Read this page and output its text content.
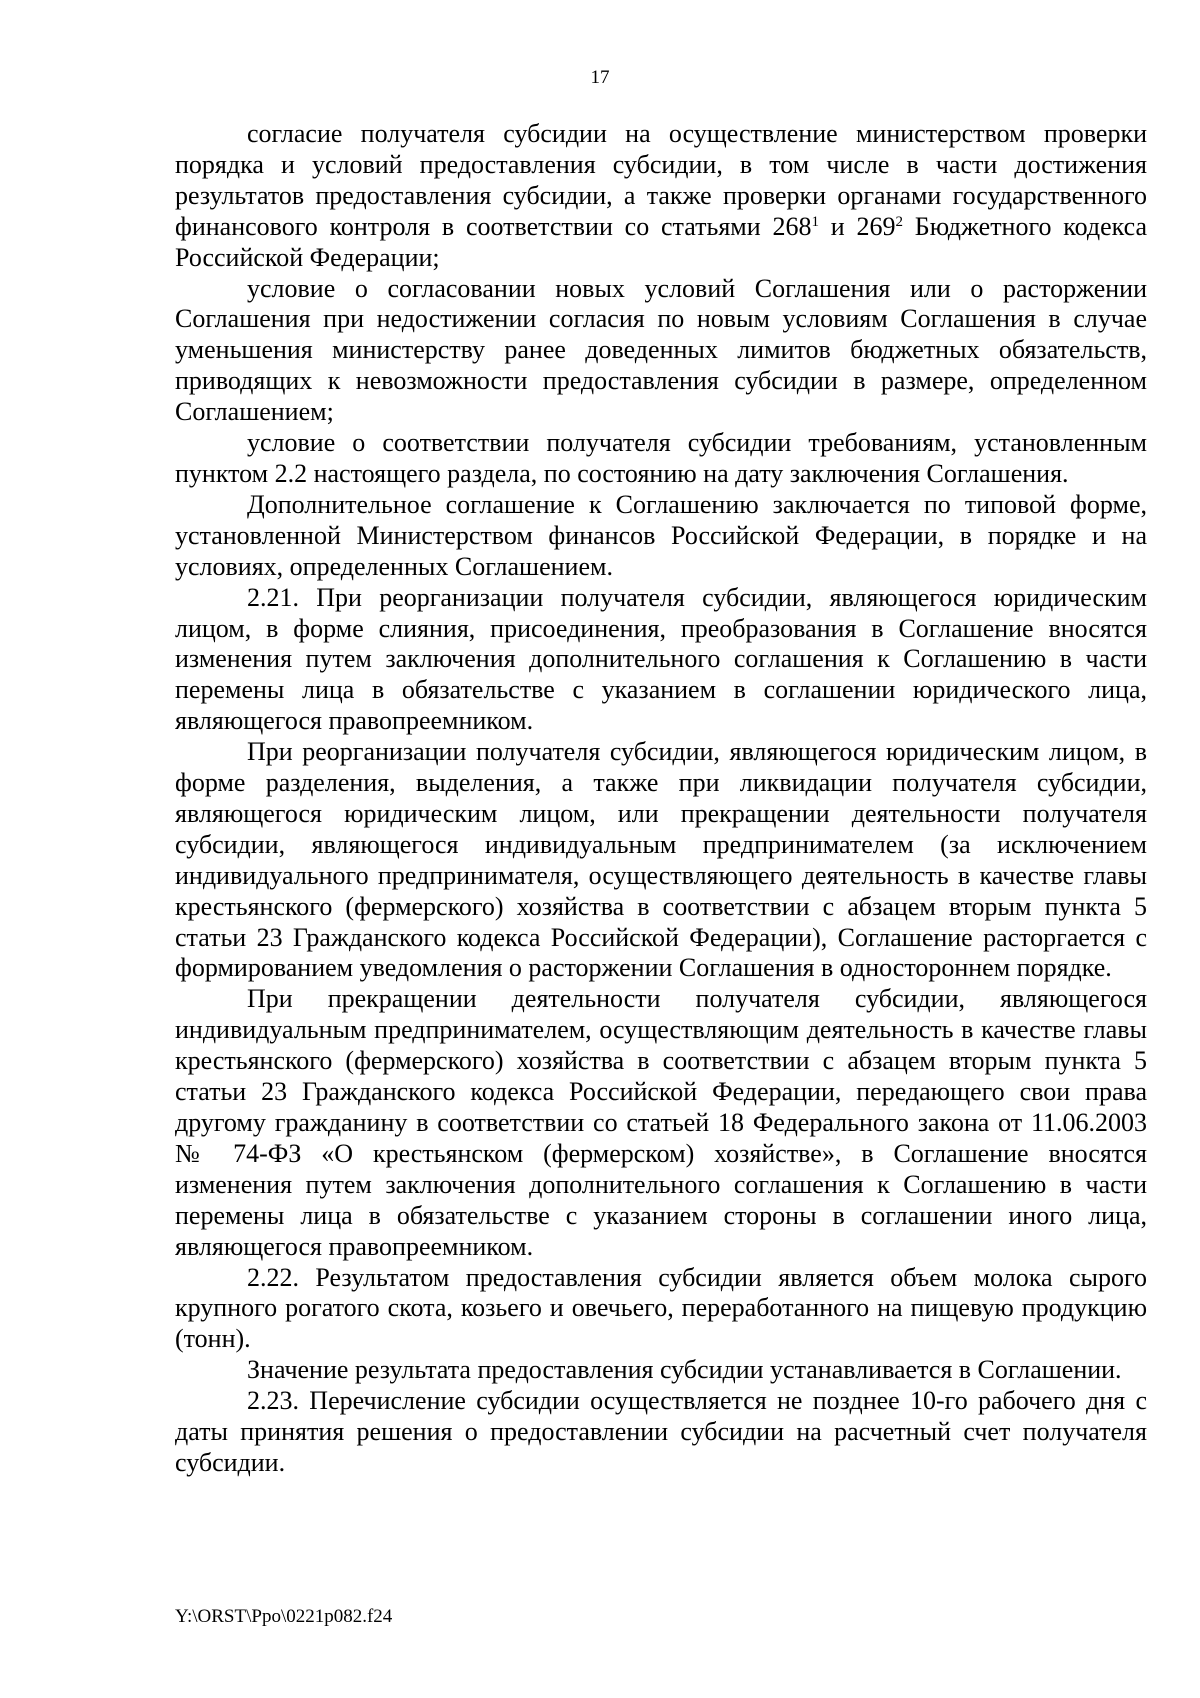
17

согласие получателя субсидии на осуществление министерством проверки порядка и условий предоставления субсидии, в том числе в части достижения результатов предоставления субсидии, а также проверки органами государственного финансового контроля в соответствии со статьями $268^1$ и $269^2$ Бюджетного кодекса Российской Федерации;

условие о согласовании новых условий Соглашения или о расторжении Соглашения при недостижении согласия по новым условиям Соглашения в случае уменьшения министерству ранее доведенных лимитов бюджетных обязательств, приводящих к невозможности предоставления субсидии в размере, определенном Соглашением;

условие о соответствии получателя субсидии требованиям, установленным пунктом 2.2 настоящего раздела, по состоянию на дату заключения Соглашения.

Дополнительное соглашение к Соглашению заключается по типовой форме, установленной Министерством финансов Российской Федерации, в порядке и на условиях, определенных Соглашением.

2.21. При реорганизации получателя субсидии, являющегося юридическим лицом, в форме слияния, присоединения, преобразования в Соглашение вносятся изменения путем заключения дополнительного соглашения к Соглашению в части перемены лица в обязательстве с указанием в соглашении юридического лица, являющегося правопреемником.

При реорганизации получателя субсидии, являющегося юридическим лицом, в форме разделения, выделения, а также при ликвидации получателя субсидии, являющегося юридическим лицом, или прекращении деятельности получателя субсидии, являющегося индивидуальным предпринимателем (за исключением индивидуального предпринимателя, осуществляющего деятельность в качестве главы крестьянского (фермерского) хозяйства в соответствии с абзацем вторым пункта 5 статьи 23 Гражданского кодекса Российской Федерации), Соглашение расторгается с формированием уведомления о расторжении Соглашения в одностороннем порядке.

При прекращении деятельности получателя субсидии, являющегося индивидуальным предпринимателем, осуществляющим деятельность в качестве главы крестьянского (фермерского) хозяйства в соответствии с абзацем вторым пункта 5 статьи 23 Гражданского кодекса Российской Федерации, передающего свои права другому гражданину в соответствии со статьей 18 Федерального закона от 11.06.2003 № 74-ФЗ «О крестьянском (фермерском) хозяйстве», в Соглашение вносятся изменения путем заключения дополнительного соглашения к Соглашению в части перемены лица в обязательстве с указанием стороны в соглашении иного лица, являющегося правопреемником.

2.22. Результатом предоставления субсидии является объем молока сырого крупного рогатого скота, козьего и овечьего, переработанного на пищевую продукцию (тонн).

Значение результата предоставления субсидии устанавливается в Соглашении.

2.23. Перечисление субсидии осуществляется не позднее 10-го рабочего дня с даты принятия решения о предоставлении субсидии на расчетный счет получателя субсидии.

Y:\ORST\Ppo\0221p082.f24
